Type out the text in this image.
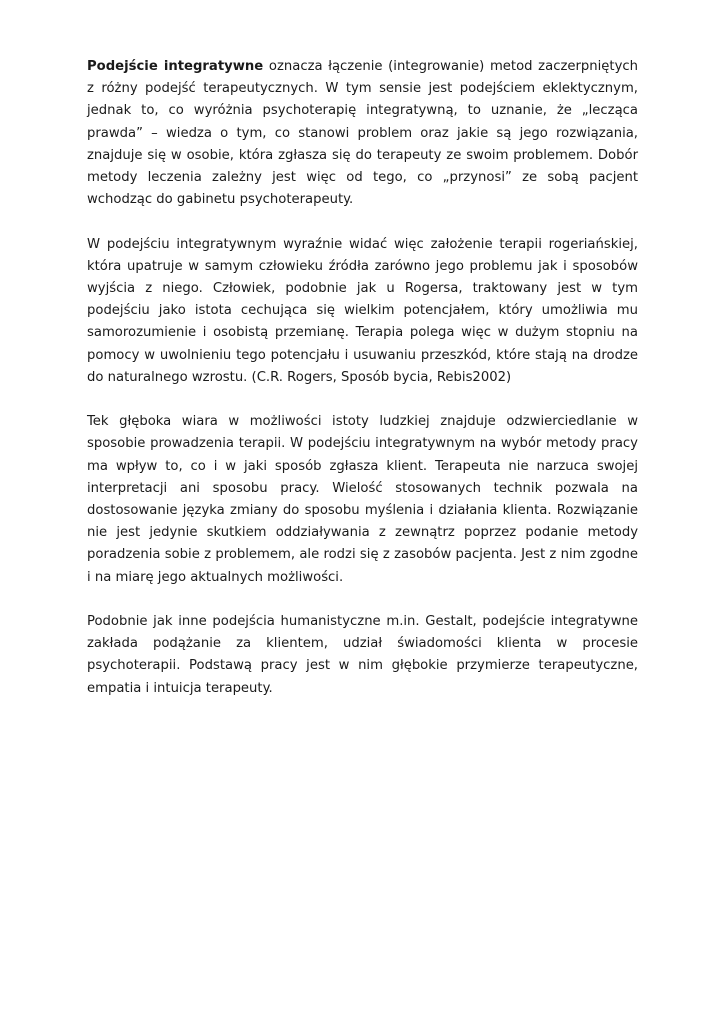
Podejście integratywne oznacza łączenie (integrowanie) metod zaczerpniętych z różny podejść terapeutycznych. W tym sensie jest podejściem eklektycznym, jednak to, co wyróżnia psychoterapię integratywną, to uznanie, że „lecząca prawda” – wiedza o tym, co stanowi problem oraz jakie są jego rozwiązania, znajduje się w osobie, która zgłasza się do terapeuty ze swoim problemem. Dobór metody leczenia zależny jest więc od tego, co „przynosi” ze sobą pacjent wchodząc do gabinetu psychoterapeuty.

W podejściu integratywnym wyraźnie widać więc założenie terapii rogeriańskiej, która upatruje w samym człowieku źródła zarówno jego problemu jak i sposobów wyjścia z niego. Człowiek, podobnie jak u Rogersa, traktowany jest w tym podejściu jako istota cechująca się wielkim potencjałem, który umożliwia mu samorozumienie i osobistą przemianę. Terapia polega więc w dużym stopniu na pomocy w uwolnieniu tego potencjału i usuwaniu przeszkód, które stają na drodze do naturalnego wzrostu. (C.R. Rogers, Sposób bycia, Rebis2002)

Tek głęboka wiara w możliwości istoty ludzkiej znajduje odzwierciedlanie w sposobie prowadzenia terapii. W podejściu integratywnym na wybór metody pracy ma wpływ to, co i w jaki sposób zgłasza klient. Terapeuta nie narzuca swojej interpretacji ani sposobu pracy. Wielość stosowanych technik pozwala na dostosowanie języka zmiany do sposobu myślenia i działania klienta. Rozwiązanie nie jest jedynie skutkiem oddziaływania z zewnątrz poprzez podanie metody poradzenia sobie z problemem, ale rodzi się z zasobów pacjenta. Jest z nim zgodne i na miarę jego aktualnych możliwości.

Podobnie jak inne podejścia humanistyczne m.in. Gestalt, podejście integratywne zakłada podążanie za klientem, udział świadomości klienta w procesie psychoterapii. Podstawą pracy jest w nim głębokie przymierze terapeutyczne, empatia i intuicja terapeuty.
